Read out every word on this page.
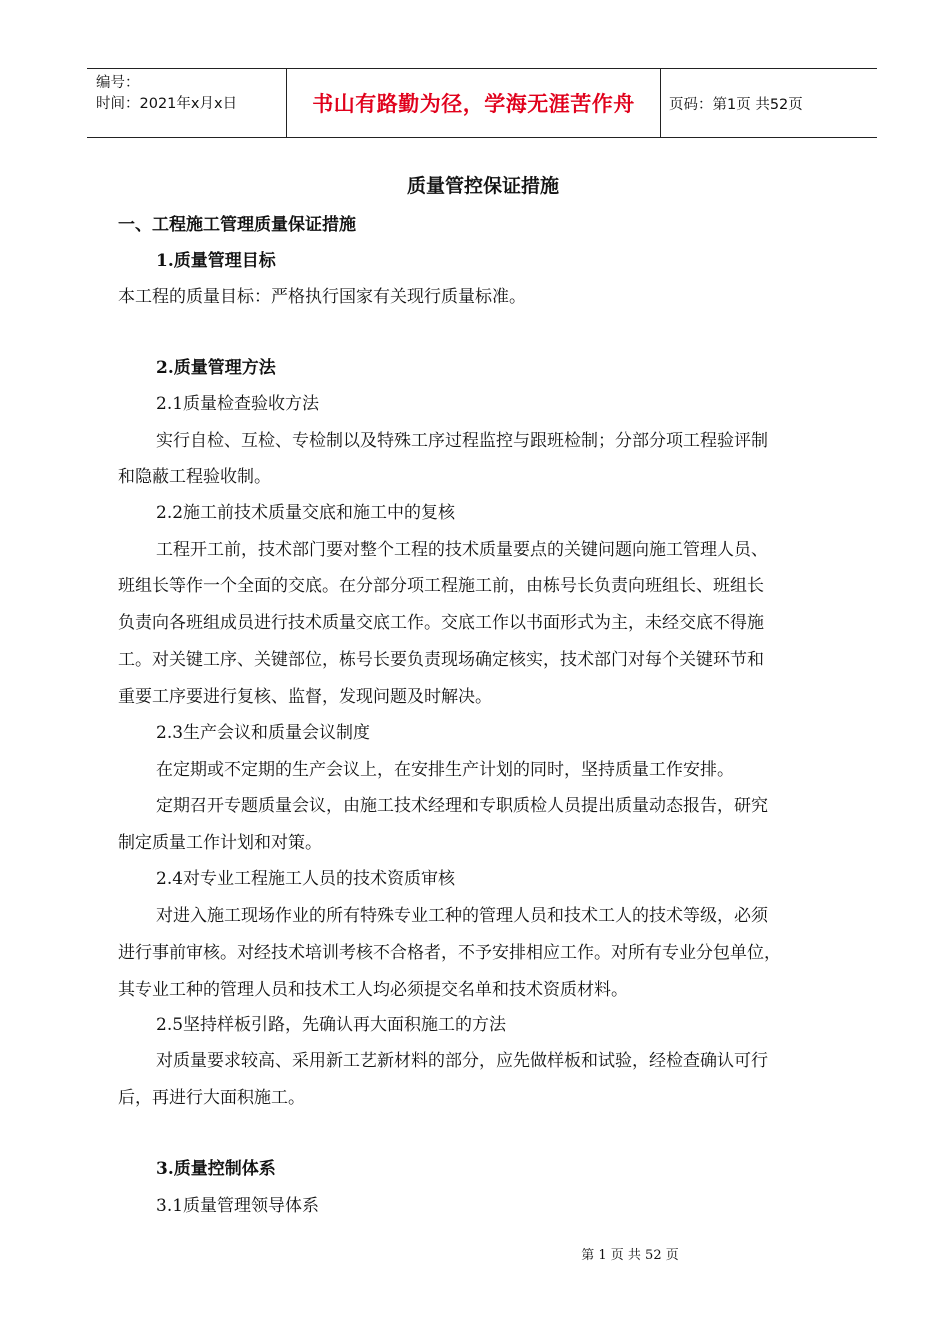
编号：
时间：2021年x月x日	书山有路勤为径，学海无涯苦作舟	页码：第1页 共52页
质量管控保证措施
一、工程施工管理质量保证措施
1.质量管理目标
本工程的质量目标：严格执行国家有关现行质量标准。
2.质量管理方法
2.1质量检查验收方法
实行自检、互检、专检制以及特殊工序过程监控与跟班检制；分部分项工程验评制
和隐蔽工程验收制。
2.2施工前技术质量交底和施工中的复核
工程开工前，技术部门要对整个工程的技术质量要点的关键问题向施工管理人员、
班组长等作一个全面的交底。在分部分项工程施工前，由栋号长负责向班组长、班组长
负责向各班组成员进行技术质量交底工作。交底工作以书面形式为主，未经交底不得施
工。对关键工序、关键部位，栋号长要负责现场确定核实，技术部门对每个关键环节和
重要工序要进行复核、监督，发现问题及时解决。
2.3生产会议和质量会议制度
在定期或不定期的生产会议上，在安排生产计划的同时，坚持质量工作安排。
定期召开专题质量会议，由施工技术经理和专职质检人员提出质量动态报告，研究
制定质量工作计划和对策。
2.4对专业工程施工人员的技术资质审核
对进入施工现场作业的所有特殊专业工种的管理人员和技术工人的技术等级，必须
进行事前审核。对经技术培训考核不合格者，不予安排相应工作。对所有专业分包单位，
其专业工种的管理人员和技术工人均必须提交名单和技术资质材料。
2.5坚持样板引路，先确认再大面积施工的方法
对质量要求较高、采用新工艺新材料的部分，应先做样板和试验，经检查确认可行
后，再进行大面积施工。
3.质量控制体系
3.1质量管理领导体系
第 1 页 共 52 页
